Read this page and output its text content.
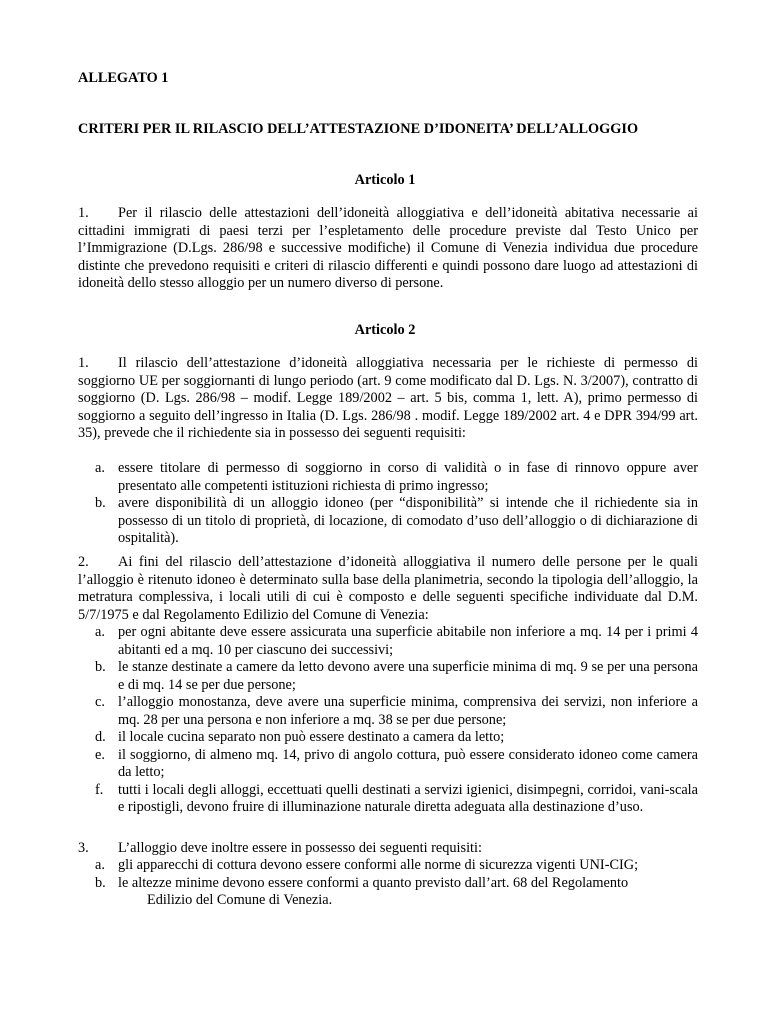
ALLEGATO 1
CRITERI PER IL RILASCIO DELL’ATTESTAZIONE D’IDONEITA’ DELL’ALLOGGIO
Articolo 1
1. Per il rilascio delle attestazioni dell’idoneità alloggiativa e dell’idoneità abitativa necessarie ai cittadini immigrati di paesi terzi per l’espletamento delle procedure previste dal Testo Unico per l’Immigrazione (D.Lgs. 286/98 e successive modifiche) il Comune di Venezia individua due procedure distinte che prevedono requisiti e criteri di rilascio differenti e quindi possono dare luogo ad attestazioni di idoneità dello stesso alloggio per un numero diverso di persone.
Articolo 2
1. Il rilascio dell’attestazione d’idoneità alloggiativa necessaria per le richieste di permesso di soggiorno UE per soggiornanti di lungo periodo (art. 9 come modificato dal D. Lgs. N. 3/2007), contratto di soggiorno (D. Lgs. 286/98 – modif. Legge 189/2002 – art. 5 bis, comma 1, lett. A), primo permesso di soggiorno a seguito dell’ingresso in Italia (D. Lgs. 286/98 . modif. Legge 189/2002 art. 4 e DPR 394/99 art. 35), prevede che il richiedente sia in possesso dei seguenti requisiti:
a. essere titolare di permesso di soggiorno in corso di validità o in fase di rinnovo oppure aver presentato alle competenti istituzioni richiesta di primo ingresso;
b. avere disponibilità di un alloggio idoneo (per “disponibilità” si intende che il richiedente sia in possesso di un titolo di proprietà, di locazione, di comodato d’uso dell’alloggio o di dichiarazione di ospitalità).
2. Ai fini del rilascio dell’attestazione d’idoneità alloggiativa il numero delle persone per le quali l’alloggio è ritenuto idoneo è determinato sulla base della planimetria, secondo la tipologia dell’alloggio, la metratura complessiva, i locali utili di cui è composto e delle seguenti specifiche individuate dal D.M. 5/7/1975 e dal Regolamento Edilizio del Comune di Venezia:
a. per ogni abitante deve essere assicurata una superficie abitabile non inferiore a mq. 14 per i primi 4 abitanti ed a mq. 10 per ciascuno dei successivi;
b. le stanze destinate a camere da letto devono avere una superficie minima di mq. 9 se per una persona e di mq. 14 se per due persone;
c. l’alloggio monostanza, deve avere una superficie minima, comprensiva dei servizi, non inferiore a mq. 28 per una persona e non inferiore a mq. 38 se per due persone;
d. il locale cucina separato non può essere destinato a camera da letto;
e. il soggiorno, di almeno mq. 14, privo di angolo cottura, può essere considerato idoneo come camera da letto;
f. tutti i locali degli alloggi, eccettuati quelli destinati a servizi igienici, disimpegni, corridoi, vani-scala e ripostigli, devono fruire di illuminazione naturale diretta adeguata alla destinazione d’uso.
3. L’alloggio deve inoltre essere in possesso dei seguenti requisiti:
a. gli apparecchi di cottura devono essere conformi alle norme di sicurezza vigenti UNI-CIG;
b. le altezze minime devono essere conformi a quanto previsto dall’art. 68 del Regolamento
Edilizio del Comune di Venezia.
